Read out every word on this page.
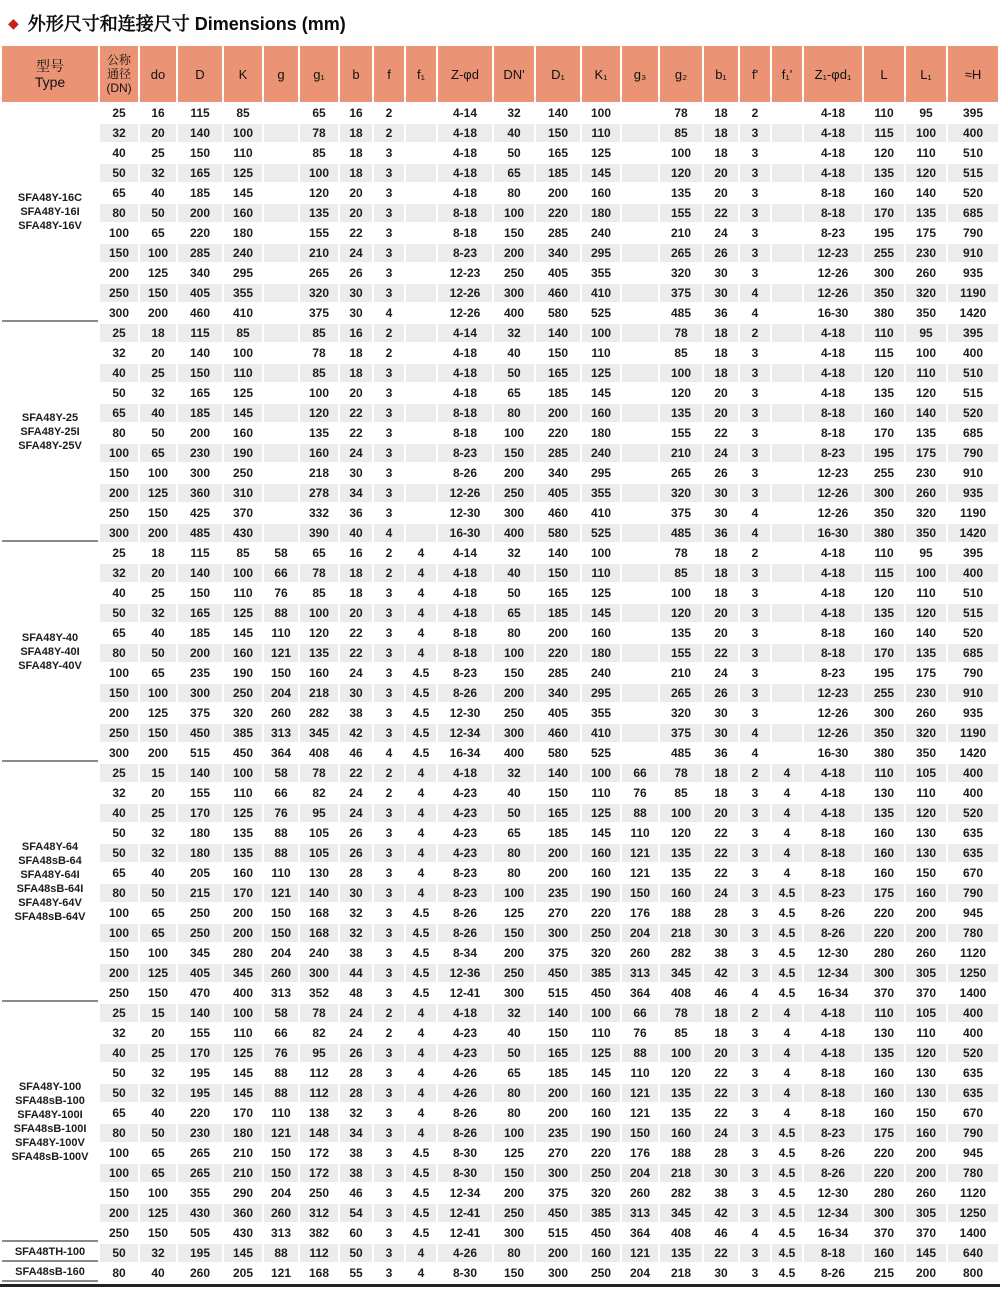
◆ 外形尺寸和连接尺寸 Dimensions (mm)
型号
Type

公称
通径
(DN)
	do	D	K	g	g₁	b	f	f₁	Z-φd	DN'	D₁	K₁	g₃	g₂	b₁	f'	f₁'	Z₁-φd₁	L	L₁	≈H

SFA48Y-16C
SFA48Y-16I
SFA48Y-16V	25	16	115	85		65	16	2		4-14	32	140	100		78	18	2		4-18	110	95	395
	32	20	140	100		78	18	2		4-18	40	150	110		85	18	3		4-18	115	100	400
	40	25	150	110		85	18	3		4-18	50	165	125		100	18	3		4-18	120	110	510
	50	32	165	125		100	18	3		4-18	65	185	145		120	20	3		4-18	135	120	515
	65	40	185	145		120	20	3		4-18	80	200	160		135	20	3		8-18	160	140	520
	80	50	200	160		135	20	3		8-18	100	220	180		155	22	3		8-18	170	135	685
	100	65	220	180		155	22	3		8-18	150	285	240		210	24	3		8-23	195	175	790
	150	100	285	240		210	24	3		8-23	200	340	295		265	26	3		12-23	255	230	910
	200	125	340	295		265	26	3		12-23	250	405	355		320	30	3		12-26	300	260	935
	250	150	405	355		320	30	3		12-26	300	460	410		375	30	4		12-26	350	320	1190
	300	200	460	410		375	30	4		12-26	400	580	525		485	36	4		16-30	380	350	1420

SFA48Y-25
SFA48Y-25I
SFA48Y-25V	25	18	115	85		85	16	2		4-14	32	140	100		78	18	2		4-18	110	95	395
	32	20	140	100		78	18	2		4-18	40	150	110		85	18	3		4-18	115	100	400
	40	25	150	110		85	18	3		4-18	50	165	125		100	18	3		4-18	120	110	510
	50	32	165	125		100	20	3		4-18	65	185	145		120	20	3		4-18	135	120	515
	65	40	185	145		120	22	3		8-18	80	200	160		135	20	3		8-18	160	140	520
	80	50	200	160		135	22	3		8-18	100	220	180		155	22	3		8-18	170	135	685
	100	65	230	190		160	24	3		8-23	150	285	240		210	24	3		8-23	195	175	790
	150	100	300	250		218	30	3		8-26	200	340	295		265	26	3		12-23	255	230	910
	200	125	360	310		278	34	3		12-26	250	405	355		320	30	3		12-26	300	260	935
	250	150	425	370		332	36	3		12-30	300	460	410		375	30	4		12-26	350	320	1190
	300	200	485	430		390	40	4		16-30	400	580	525		485	36	4		16-30	380	350	1420

SFA48Y-40
SFA48Y-40I
SFA48Y-40V	25	18	115	85	58	65	16	2	4	4-14	32	140	100		78	18	2		4-18	110	95	395
	32	20	140	100	66	78	18	2	4	4-18	40	150	110		85	18	3		4-18	115	100	400
	40	25	150	110	76	85	18	3	4	4-18	50	165	125		100	18	3		4-18	120	110	510
	50	32	165	125	88	100	20	3	4	4-18	65	185	145		120	20	3		4-18	135	120	515
	65	40	185	145	110	120	22	3	4	8-18	80	200	160		135	20	3		8-18	160	140	520
	80	50	200	160	121	135	22	3	4	8-18	100	220	180		155	22	3		8-18	170	135	685
	100	65	235	190	150	160	24	3	4.5	8-23	150	285	240		210	24	3		8-23	195	175	790
	150	100	300	250	204	218	30	3	4.5	8-26	200	340	295		265	26	3		12-23	255	230	910
	200	125	375	320	260	282	38	3	4.5	12-30	250	405	355		320	30	3		12-26	300	260	935
	250	150	450	385	313	345	42	3	4.5	12-34	300	460	410		375	30	4		12-26	350	320	1190
	300	200	515	450	364	408	46	4	4.5	16-34	400	580	525		485	36	4		16-30	380	350	1420

SFA48Y-64
SFA48sB-64
SFA48Y-64I
SFA48sB-64I
SFA48Y-64V
SFA48sB-64V
	25	15	140	100	58	78	22	2	4	4-18	32	140	100	66	78	18	2	4	4-18	110	105	400
	32	20	155	110	66	82	24	2	4	4-23	40	150	110	76	85	18	3	4	4-18	130	110	400
	40	25	170	125	76	95	24	3	4	4-23	50	165	125	88	100	20	3	4	4-18	135	120	520
	50	32	180	135	88	105	26	3	4	4-23	65	185	145	110	120	22	3	4	8-18	160	130	635
	50	32	180	135	88	105	26	3	4	4-23	80	200	160	121	135	22	3	4	8-18	160	130	635
	65	40	205	160	110	130	28	3	4	8-23	80	200	160	121	135	22	3	4	8-18	160	150	670
	80	50	215	170	121	140	30	3	4	8-23	100	235	190	150	160	24	3	4.5	8-23	175	160	790
	100	65	250	200	150	168	32	3	4.5	8-26	125	270	220	176	188	28	3	4.5	8-26	220	200	945
	100	65	250	200	150	168	32	3	4.5	8-26	150	300	250	204	218	30	3	4.5	8-26	220	200	780
	150	100	345	280	204	240	38	3	4.5	8-34	200	375	320	260	282	38	3	4.5	12-30	280	260	1120
	200	125	405	345	260	300	44	3	4.5	12-36	250	450	385	313	345	42	3	4.5	12-34	300	305	1250
	250	150	470	400	313	352	48	3	4.5	12-41	300	515	450	364	408	46	4	4.5	16-34	370	370	1400

SFA48Y-100
SFA48sB-100
SFA48Y-100I
SFA48sB-100I
SFA48Y-100V
SFA48sB-100V
	25	15	140	100	58	78	24	2	4	4-18	32	140	100	66	78	18	2	4	4-18	110	105	400
	32	20	155	110	66	82	24	2	4	4-23	40	150	110	76	85	18	3	4	4-18	130	110	400
	40	25	170	125	76	95	26	3	4	4-23	50	165	125	88	100	20	3	4	4-18	135	120	520
	50	32	195	145	88	112	28	3	4	4-26	65	185	145	110	120	22	3	4	8-18	160	130	635
	50	32	195	145	88	112	28	3	4	4-26	80	200	160	121	135	22	3	4	8-18	160	130	635
	65	40	220	170	110	138	32	3	4	8-26	80	200	160	121	135	22	3	4	8-18	160	150	670
	80	50	230	180	121	148	34	3	4	8-26	100	235	190	150	160	24	3	4.5	8-23	175	160	790
	100	65	265	210	150	172	38	3	4.5	8-30	125	270	220	176	188	28	3	4.5	8-26	220	200	945
	100	65	265	210	150	172	38	3	4.5	8-30	150	300	250	204	218	30	3	4.5	8-26	220	200	780
	150	100	355	290	204	250	46	3	4.5	12-34	200	375	320	260	282	38	3	4.5	12-30	280	260	1120
	200	125	430	360	260	312	54	3	4.5	12-41	250	450	385	313	345	42	3	4.5	12-34	300	305	1250
	250	150	505	430	313	382	60	3	4.5	12-41	300	515	450	364	408	46	4	4.5	16-34	370	370	1400

SFA48TH-100	50	32	195	145	88	112	50	3	4	4-26	80	200	160	121	135	22	3	4.5	8-18	160	145	640

SFA48sB-160	80	40	260	205	121	168	55	3	4	8-30	150	300	250	204	218	30	3	4.5	8-26	215	200	800
